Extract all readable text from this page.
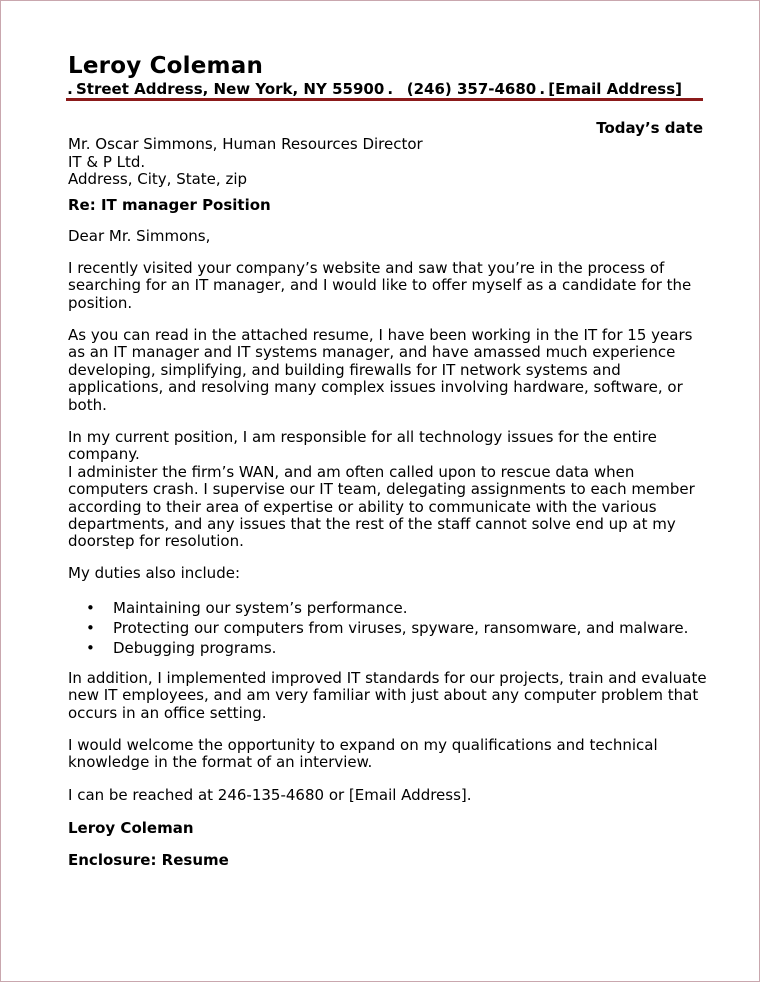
Leroy Coleman
. Street Address, New York, NY 55900 . (246) 357-4680 . [Email Address]
Today’s date
Mr. Oscar Simmons, Human Resources Director
IT & P Ltd.
Address, City, State, zip
Re: IT manager Position
Dear Mr. Simmons,
I recently visited your company’s website and saw that you’re in the process of searching for an IT manager, and I would like to offer myself as a candidate for the position.
As you can read in the attached resume, I have been working in the IT for 15 years as an IT manager and IT systems manager, and have amassed much experience developing, simplifying, and building firewalls for IT network systems and applications, and resolving many complex issues involving hardware, software, or both.
In my current position, I am responsible for all technology issues for the entire company.
I administer the firm’s WAN, and am often called upon to rescue data when computers crash. I supervise our IT team, delegating assignments to each member according to their area of expertise or ability to communicate with the various departments, and any issues that the rest of the staff cannot solve end up at my doorstep for resolution.
My duties also include:
• Maintaining our system’s performance.
• Protecting our computers from viruses, spyware, ransomware, and malware.
• Debugging programs.
In addition, I implemented improved IT standards for our projects, train and evaluate new IT employees, and am very familiar with just about any computer problem that occurs in an office setting.
I would welcome the opportunity to expand on my qualifications and technical knowledge in the format of an interview.
I can be reached at 246-135-4680 or [Email Address].
Leroy Coleman
Enclosure: Resume
